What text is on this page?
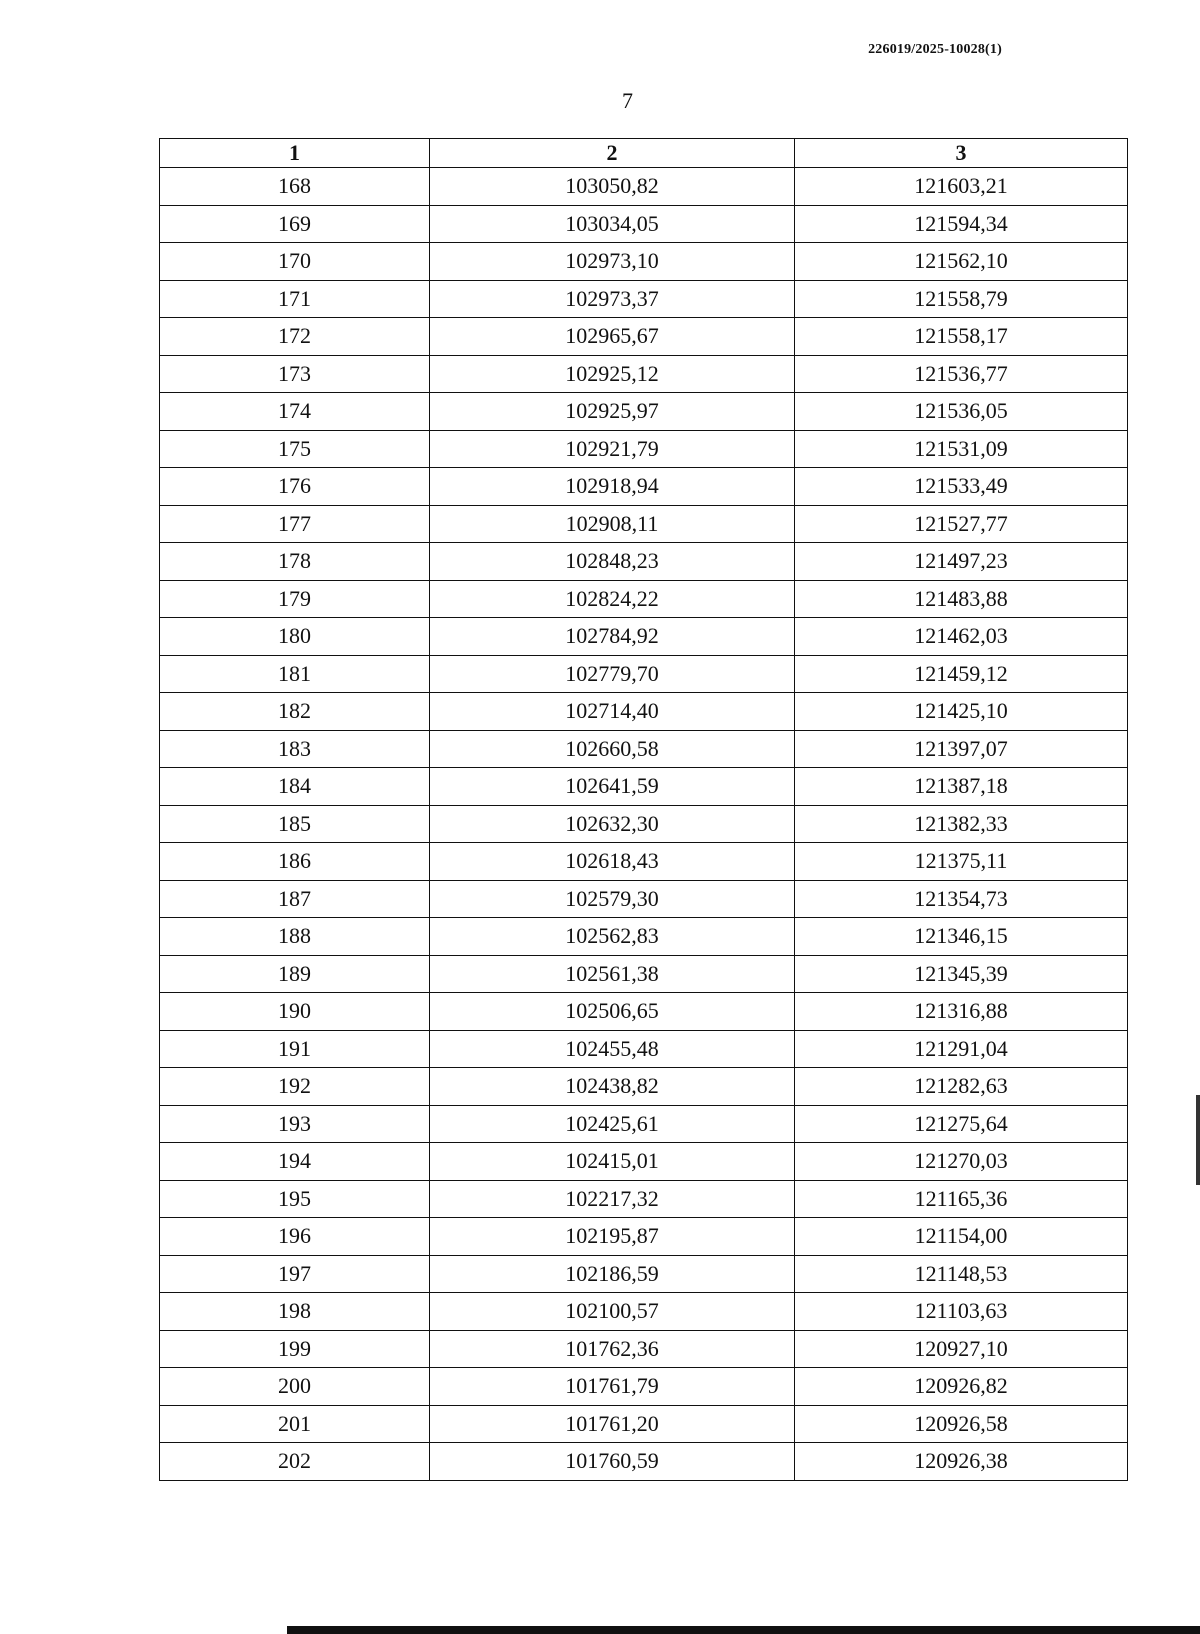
226019/2025-10028(1)
7
1	2	3
168	103050,82	121603,21
169	103034,05	121594,34
170	102973,10	121562,10
171	102973,37	121558,79
172	102965,67	121558,17
173	102925,12	121536,77
174	102925,97	121536,05
175	102921,79	121531,09
176	102918,94	121533,49
177	102908,11	121527,77
178	102848,23	121497,23
179	102824,22	121483,88
180	102784,92	121462,03
181	102779,70	121459,12
182	102714,40	121425,10
183	102660,58	121397,07
184	102641,59	121387,18
185	102632,30	121382,33
186	102618,43	121375,11
187	102579,30	121354,73
188	102562,83	121346,15
189	102561,38	121345,39
190	102506,65	121316,88
191	102455,48	121291,04
192	102438,82	121282,63
193	102425,61	121275,64
194	102415,01	121270,03
195	102217,32	121165,36
196	102195,87	121154,00
197	102186,59	121148,53
198	102100,57	121103,63
199	101762,36	120927,10
200	101761,79	120926,82
201	101761,20	120926,58
202	101760,59	120926,38
